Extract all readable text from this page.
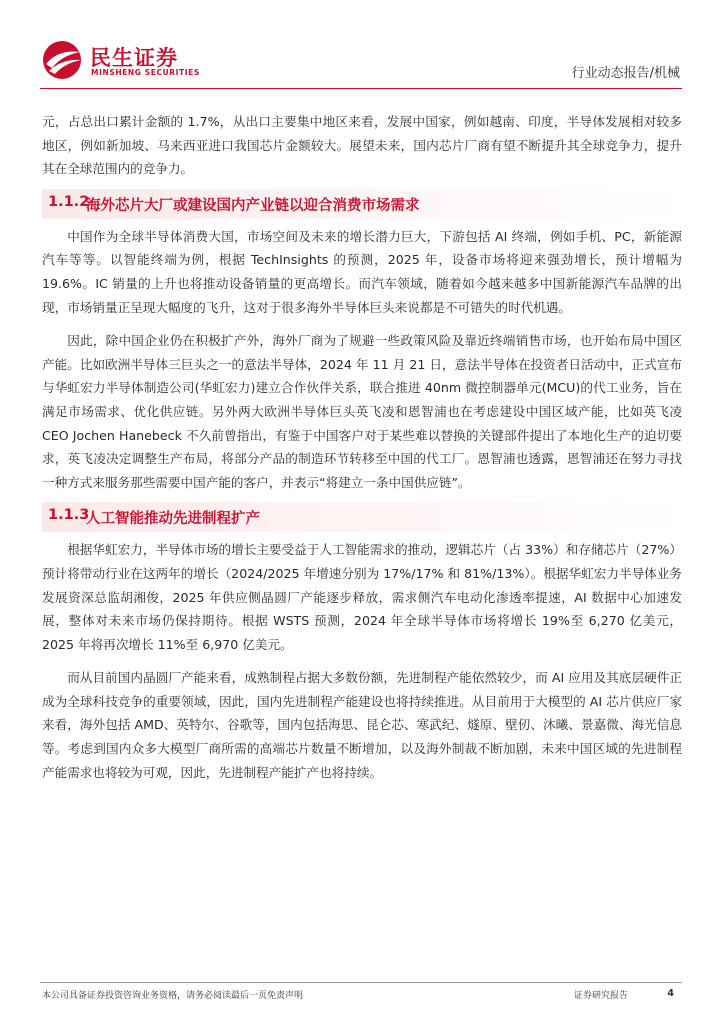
民生证券
MINSHENG SECURITIES	行业动态报告/机械

元，占总出口累计金额的 1.7%，从出口主要集中地区来看，发展中国家，例如越南、印度，半导体发展相对较多地区，例如新加坡、马来西亚进口我国芯片金额较大。展望未来，国内芯片厂商有望不断提升其全球竞争力，提升其在全球范围内的竞争力。

1.1.2
海外芯片大厂或建设国内产业链以迎合消费市场需求

中国作为全球半导体消费大国，市场空间及未来的增长潜力巨大，下游包括 AI 终端，例如手机、PC，新能源汽车等等。以智能终端为例，根据 TechInsights 的预测，2025 年，设备市场将迎来强劲增长，预计增幅为 19.6%。IC 销量的上升也将推动设备销量的更高增长。而汽车领域，随着如今越来越多中国新能源汽车品牌的出现，市场销量正呈现大幅度的飞升，这对于很多海外半导体巨头来说都是不可错失的时代机遇。

因此，除中国企业仍在积极扩产外，海外厂商为了规避一些政策风险及靠近终端销售市场，也开始布局中国区产能。比如欧洲半导体三巨头之一的意法半导体，2024 年 11 月 21 日，意法半导体在投资者日活动中，正式宣布与华虹宏力半导体制造公司(华虹宏力)建立合作伙伴关系，联合推进 40nm 微控制器单元(MCU)的代工业务，旨在满足市场需求、优化供应链。另外两大欧洲半导体巨头英飞凌和恩智浦也在考虑建设中国区域产能，比如英飞凌 CEO Jochen Hanebeck 不久前曾指出，有鉴于中国客户对于某些难以替换的关键部件提出了本地化生产的迫切要求，英飞凌决定调整生产布局，将部分产品的制造环节转移至中国的代工厂。恩智浦也透露，恩智浦还在努力寻找一种方式来服务那些需要中国产能的客户，并表示“将建立一条中国供应链”。

1.1.3
人工智能推动先进制程扩产

根据华虹宏力，半导体市场的增长主要受益于人工智能需求的推动，逻辑芯片（占 33%）和存储芯片（27%）预计将带动行业在这两年的增长（2024/2025 年增速分别为 17%/17% 和 81%/13%）。根据华虹宏力半导体业务发展资深总监胡湘俊，2025 年供应侧晶圆厂产能逐步释放，需求侧汽车电动化渗透率提速，AI 数据中心加速发展，整体对未来市场仍保持期待。根据 WSTS 预测，2024 年全球半导体市场将增长 19%至 6,270 亿美元，2025 年将再次增长 11%至 6,970 亿美元。

而从目前国内晶圆厂产能来看，成熟制程占据大多数份额，先进制程产能依然较少，而 AI 应用及其底层硬件正成为全球科技竞争的重要领域，因此，国内先进制程产能建设也将持续推进。从目前用于大模型的 AI 芯片供应厂家来看，海外包括 AMD、英特尔、谷歌等，国内包括海思、昆仑芯、寒武纪、燧原、壁仞、沐曦、景嘉微、海光信息等。考虑到国内众多大模型厂商所需的高端芯片数量不断增加，以及海外制裁不断加剧，未来中国区域的先进制程产能需求也将较为可观，因此，先进制程产能扩产也将持续。

本公司具备证券投资咨询业务资格，请务必阅读最后一页免责声明	证券研究报告	4
